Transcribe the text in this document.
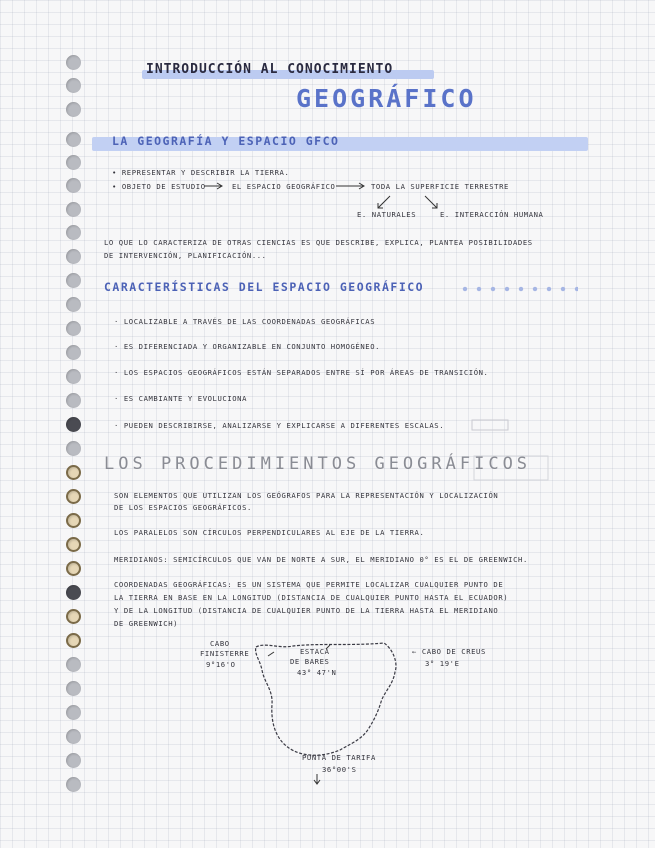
INTRODUCCIÓN AL CONOCIMIENTO
GEOGRÁFICO
LA GEOGRAFÍA Y ESPACIO GFCO
• REPRESENTAR Y DESCRIBIR LA TIERRA.
• OBJETO DE ESTUDIO	EL ESPACIO GEOGRÁFICO	TODA LA SUPERFICIE TERRESTRE
E. NATURALES	E. INTERACCIÓN HUMANA
LO QUE LO CARACTERIZA DE OTRAS CIENCIAS ES QUE DESCRIBE, EXPLICA, PLANTEA POSIBILIDADES
DE INTERVENCIÓN, PLANIFICACIÓN...
CARACTERÍSTICAS DEL ESPACIO GEOGRÁFICO
· LOCALIZABLE A TRAVÉS DE LAS COORDENADAS GEOGRÁFICAS
· ES DIFERENCIADA Y ORGANIZABLE EN CONJUNTO HOMOGÉNEO.
· LOS ESPACIOS GEOGRÁFICOS ESTÁN SEPARADOS ENTRE SÍ POR ÁREAS DE TRANSICIÓN.
· ES CAMBIANTE Y EVOLUCIONA
· PUEDEN DESCRIBIRSE, ANALIZARSE Y EXPLICARSE A DIFERENTES ESCALAS.
LOS PROCEDIMIENTOS GEOGRÁFICOS
SON ELEMENTOS QUE UTILIZAN LOS GEÓGRAFOS PARA LA REPRESENTACIÓN Y LOCALIZACIÓN
DE LOS ESPACIOS GEOGRÁFICOS.
LOS PARALELOS SON CÍRCULOS PERPENDICULARES AL EJE DE LA TIERRA.
MERIDIANOS: SEMICÍRCULOS QUE VAN DE NORTE A SUR, EL MERIDIANO 0° ES EL DE GREENWICH.
COORDENADAS GEOGRÁFICAS: ES UN SISTEMA QUE PERMITE LOCALIZAR CUALQUIER PUNTO DE
LA TIERRA EN BASE EN LA LONGITUD (DISTANCIA DE CUALQUIER PUNTO HASTA EL ECUADOR)
Y DE LA LONGITUD (DISTANCIA DE CUALQUIER PUNTO DE LA TIERRA HASTA EL MERIDIANO
DE GREENWICH)
CABO
FINISTERRE
9°16'O
ESTACA
DE BARES
43° 47'N
← CABO DE CREUS
3° 19'E
PUNTA DE TARIFA
36°00'S
